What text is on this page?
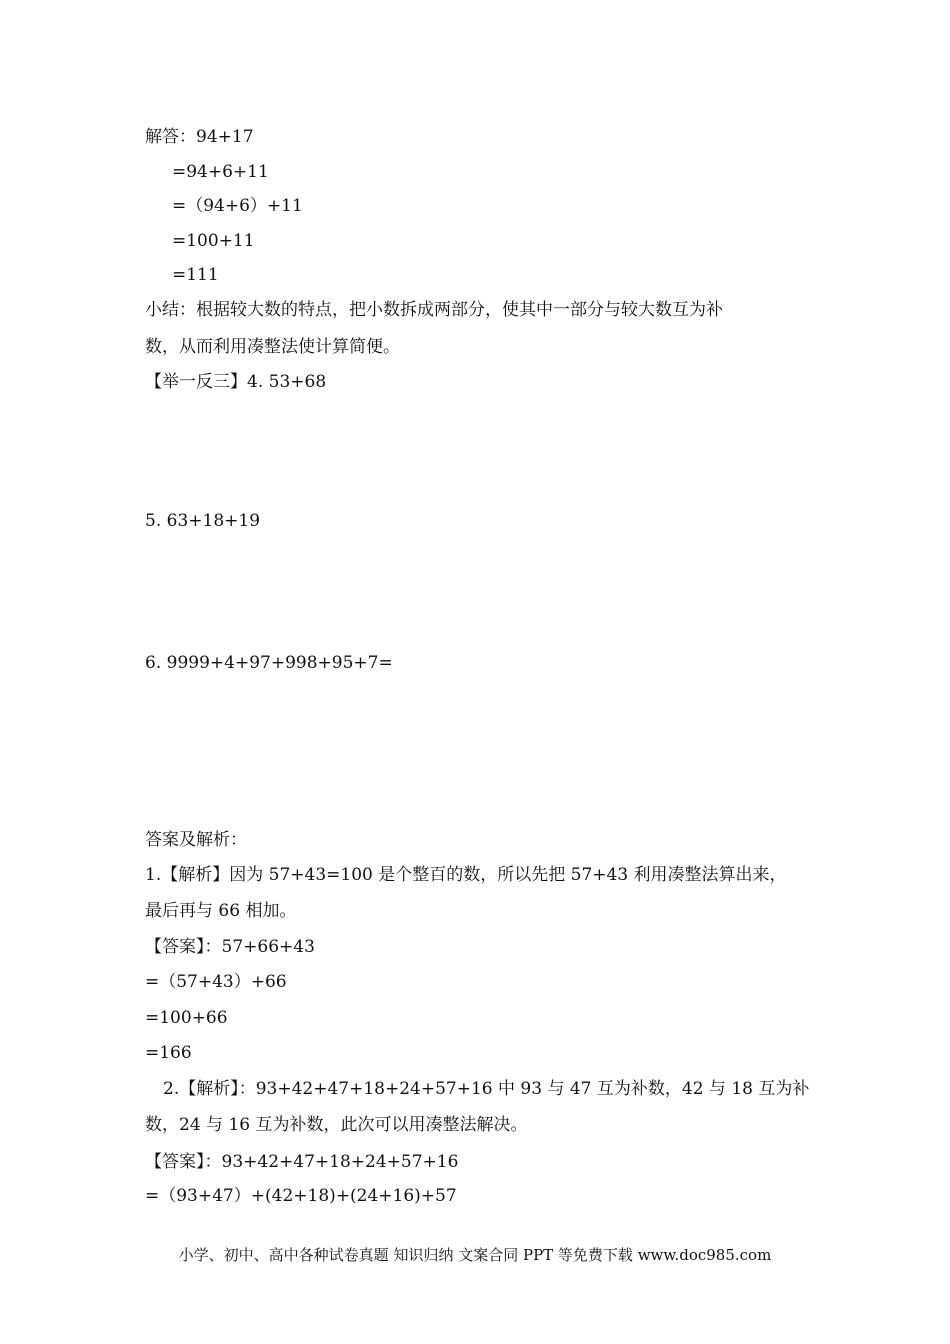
解答：94+17
=94+6+11
=（94+6）+11
=100+11
=111
小结：根据较大数的特点，把小数拆成两部分，使其中一部分与较大数互为补
数，从而利用凑整法使计算简便。
【举一反三】4. 53+68
5. 63+18+19
6. 9999+4+97+998+95+7=
答案及解析：
1.【解析】因为 57+43=100 是个整百的数，所以先把 57+43 利用凑整法算出来，
最后再与 66 相加。
【答案】：57+66+43
=（57+43）+66
=100+66
=166
2.【解析】：93+42+47+18+24+57+16 中 93 与 47 互为补数，42 与 18 互为补
数，24 与 16 互为补数，此次可以用凑整法解决。
【答案】：93+42+47+18+24+57+16
=（93+47）+(42+18)+(24+16)+57
小学、初中、高中各种试卷真题 知识归纳 文案合同 PPT 等免费下载 www.doc985.com
